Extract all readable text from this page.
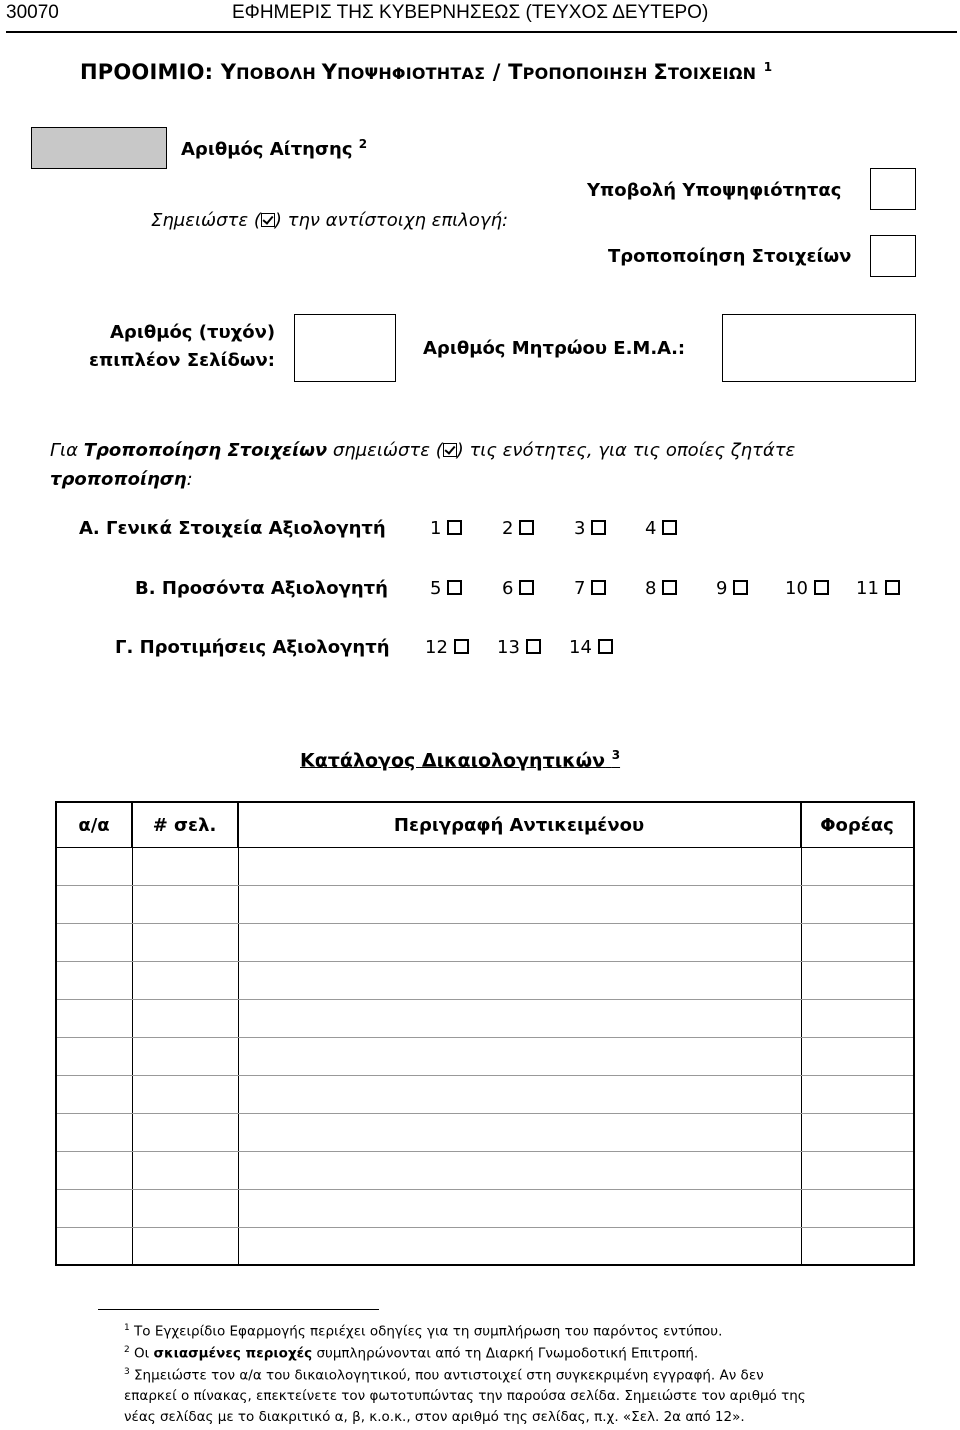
30070	ΕΦΗΜΕΡΙΣ ΤΗΣ ΚΥΒΕΡΝΗΣΕΩΣ (ΤΕΥΧΟΣ ΔΕΥΤΕΡΟ)
ΠΡΟΟΙΜΙΟ: ΥΠΟΒΟΛΗ ΥΠΟΨΗΦΙΟΤΗΤΑΣ / ΤΡΟΠΟΠΟΙΗΣΗ ΣΤΟΙΧΕΙΩΝ $^1$
Αριθμός Αίτησης $^2$
Σημειώστε ( ) την αντίστοιχη επιλογή:
Υποβολή Υποψηφιότητας
Τροποποίηση Στοιχείων
Αριθμός (τυχόν)
επιπλέον Σελίδων:
Αριθμός Μητρώου Ε.Μ.Α.:
Για Τροποποίηση Στοιχείων σημειώστε ( ) τις ενότητες, για τις οποίες ζητάτε
τροποποίηση:
Α. Γενικά Στοιχεία Αξιολογητή 1	2	3	4
Β. Προσόντα Αξιολογητή 5	6	7	8	9	10	11
Γ. Προτιμήσεις Αξιολογητή 12	13	14
Κατάλογος Δικαιολογητικών $^3$
α/α	# σελ.	Περιγραφή Αντικειμένου	Φορέας
$^1$ Το Εγχειρίδιο Εφαρμογής περιέχει οδηγίες για τη συμπλήρωση του παρόντος εντύπου.
$^2$ Οι σκιασμένες περιοχές συμπληρώνονται από τη Διαρκή Γνωμοδοτική Επιτροπή.
$^3$ Σημειώστε τον α/α του δικαιολογητικού, που αντιστοιχεί στη συγκεκριμένη εγγραφή. Αν δεν
επαρκεί ο πίνακας, επεκτείνετε τον φωτοτυπώντας την παρούσα σελίδα. Σημειώστε τον αριθμό της
νέας σελίδας με το διακριτικό α, β, κ.ο.κ., στον αριθμό της σελίδας, π.χ. «Σελ. 2α από 12».
